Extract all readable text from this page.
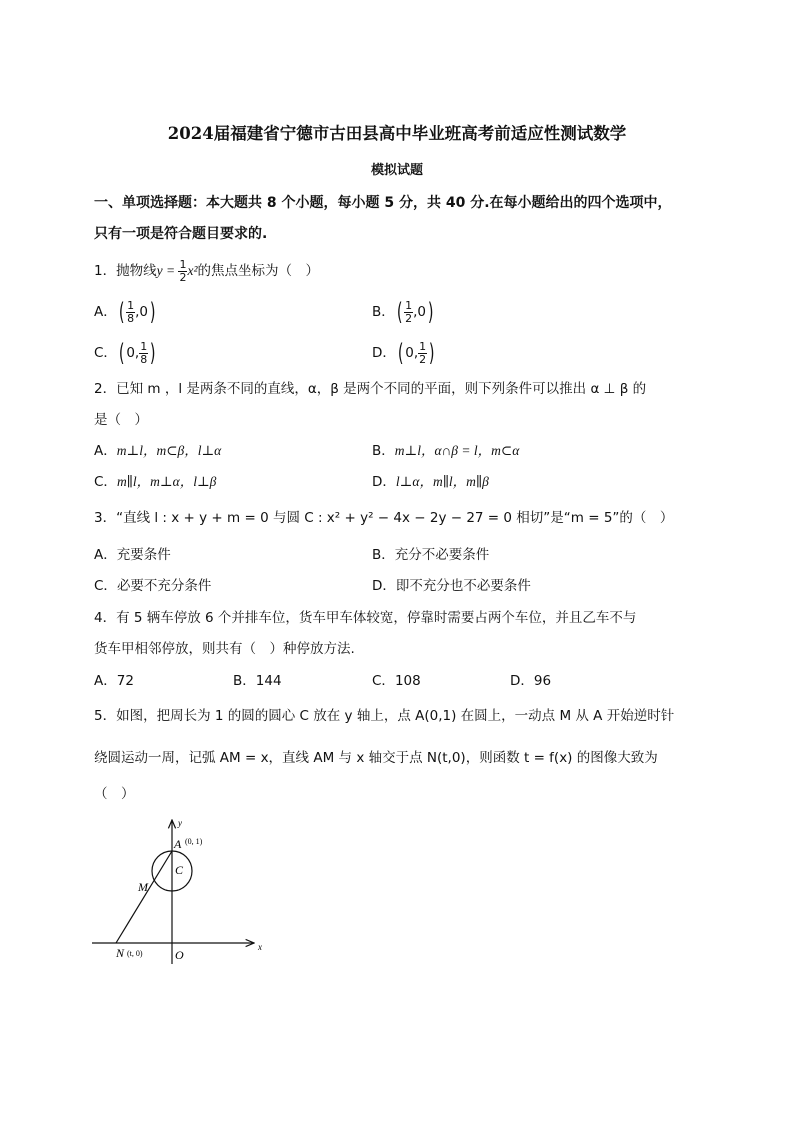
2024届福建省宁德市古田县高中毕业班高考前适应性测试数学
模拟试题
一、单项选择题：本大题共 8 个小题，每小题 5 分，共 40 分.在每小题给出的四个选项中，
只有一项是符合题目要求的.
1．抛物线$y = \frac{1}{2} x^2$的焦点坐标为（　）
A．( $\frac{1}{8} ,0$)	B．( $\frac{1}{2} ,0$)
C．( 0, $\frac{1}{8}$ )	D．( 0, $\frac{1}{2}$ )
2．已知 m ，l 是两条不同的直线，α，β 是两个不同的平面，则下列条件可以推出 α ⊥ β 的
是（　）
A．m⊥l，m⊂β，l⊥α	B．m⊥l，α∩β = l，m⊂α
C．m∥l，m⊥α，l⊥β	D．l⊥α，m∥l，m∥β
3．“直线 l : x + y + m = 0 与圆 C : x² + y² − 4x − 2y − 27 = 0 相切”是“m = 5”的（　）
A．充要条件	B．充分不必要条件
C．必要不充分条件	D．即不充分也不必要条件
4．有 5 辆车停放 6 个并排车位，货车甲车体较宽，停靠时需要占两个车位，并且乙车不与
货车甲相邻停放，则共有（　）种停放方法.
A．72	B．144	C．108	D．96
5．如图，把周长为 1 的圆的圆心 C 放在 y 轴上，点 A(0,1) 在圆上，一动点 M 从 A 开始逆时针
绕圆运动一周，记弧 AM = x，直线 AM 与 x 轴交于点 N(t,0)，则函数 t = f(x) 的图像大致为
（　）
y
x
A (0, 1)
C
M
N (t, 0)	O
